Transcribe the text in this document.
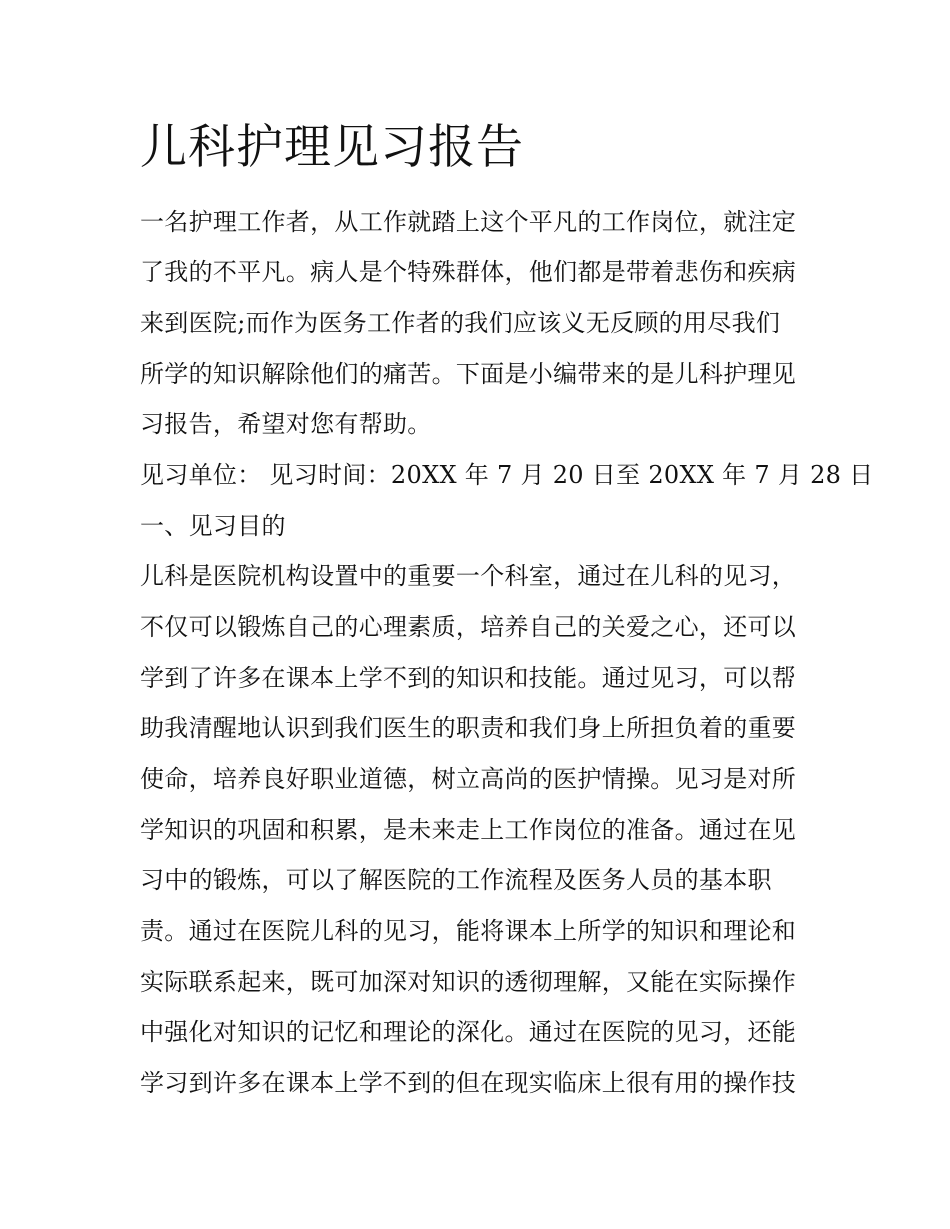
儿科护理见习报告

一名护理工作者，从工作就踏上这个平凡的工作岗位，就注定

了我的不平凡。病人是个特殊群体，他们都是带着悲伤和疾病

来到医院;而作为医务工作者的我们应该义无反顾的用尽我们

所学的知识解除他们的痛苦。下面是小编带来的是儿科护理见

习报告，希望对您有帮助。

见习单位： 见习时间：20XX 年 7 月 20 日至 20XX 年 7 月 28 日

一、见习目的

儿科是医院机构设置中的重要一个科室，通过在儿科的见习，

不仅可以锻炼自己的心理素质，培养自己的关爱之心，还可以

学到了许多在课本上学不到的知识和技能。通过见习，可以帮

助我清醒地认识到我们医生的职责和我们身上所担负着的重要

使命，培养良好职业道德，树立高尚的医护情操。见习是对所

学知识的巩固和积累，是未来走上工作岗位的准备。通过在见

习中的锻炼，可以了解医院的工作流程及医务人员的基本职

责。通过在医院儿科的见习，能将课本上所学的知识和理论和

实际联系起来，既可加深对知识的透彻理解，又能在实际操作

中强化对知识的记忆和理论的深化。通过在医院的见习，还能

学习到许多在课本上学不到的但在现实临床上很有用的操作技
